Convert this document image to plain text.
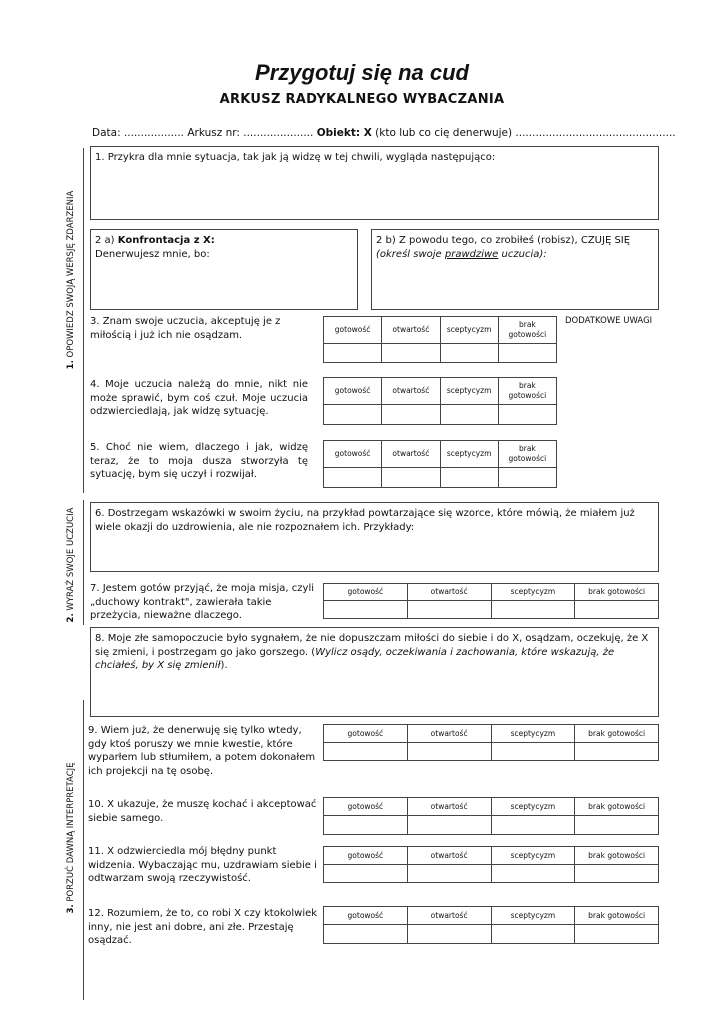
Przygotuj się na cud
ARKUSZ RADYKALNEGO WYBACZANIA
Data: .................. Arkusz nr: ..................... Obiekt: X (kto lub co cię denerwuje) ................................................
1. OPOWIEDZ SWOJĄ WERSJĘ ZDARZENIA
2. WYRAŹ SWOJE UCZUCIA
3. PORZUĆ DAWNĄ INTERPRETACJĘ
1. Przykra dla mnie sytuacja, tak jak ją widzę w tej chwili, wygląda następująco:
2 a) Konfrontacja z X:
Denerwujesz mnie, bo:
2 b) Z powodu tego, co zrobiłeś (robisz), CZUJĘ SIĘ
(określ swoje prawdziwe uczucia):
DODATKOWE UWAGI
3. Znam swoje uczucia, akceptuję je z miłością i już ich nie osądzam.
4. Moje uczucia należą do mnie, nikt nie może sprawić, bym coś czuł. Moje uczucia odzwierciedlają, jak widzę sytuację.
5. Choć nie wiem, dlaczego i jak, widzę teraz, że to moja dusza stworzyła tę sytuację, bym się uczył i rozwijał.
6. Dostrzegam wskazówki w swoim życiu, na przykład powtarzające się wzorce, które mówią, że miałem już wiele okazji do uzdrowienia, ale nie rozpoznałem ich. Przykłady:
7. Jestem gotów przyjąć, że moja misja, czyli „duchowy kontrakt", zawierała takie przeżycia, nieważne dlaczego.
8. Moje złe samopoczucie było sygnałem, że nie dopuszczam miłości do siebie i do X, osądzam, oczekuję, że X się zmieni, i postrzegam go jako gorszego. (Wylicz osądy, oczekiwania i zachowania, które wskazują, że chciałeś, by X się zmienił).
9. Wiem już, że denerwuję się tylko wtedy, gdy ktoś poruszy we mnie kwestie, które wyparłem lub stłumiłem, a potem dokonałem ich projekcji na tę osobę.
10. X ukazuje, że muszę kochać i akceptować siebie samego.
11. X odzwierciedla mój błędny punkt widzenia. Wybaczając mu, uzdrawiam siebie i odtwarzam swoją rzeczywistość.
12. Rozumiem, że to, co robi X czy ktokolwiek inny, nie jest ani dobre, ani złe. Przestaję osądzać.
gotowość	otwartość	sceptycyzm	brak gotowości

gotowość	otwartość	sceptycyzm	brak gotowości

gotowość	otwartość	sceptycyzm	brak gotowości

gotowość	otwartość	sceptycyzm	brak gotowości

gotowość	otwartość	sceptycyzm	brak gotowości

gotowość	otwartość	sceptycyzm	brak gotowości

gotowość	otwartość	sceptycyzm	brak gotowości

gotowość	otwartość	sceptycyzm	brak gotowości
